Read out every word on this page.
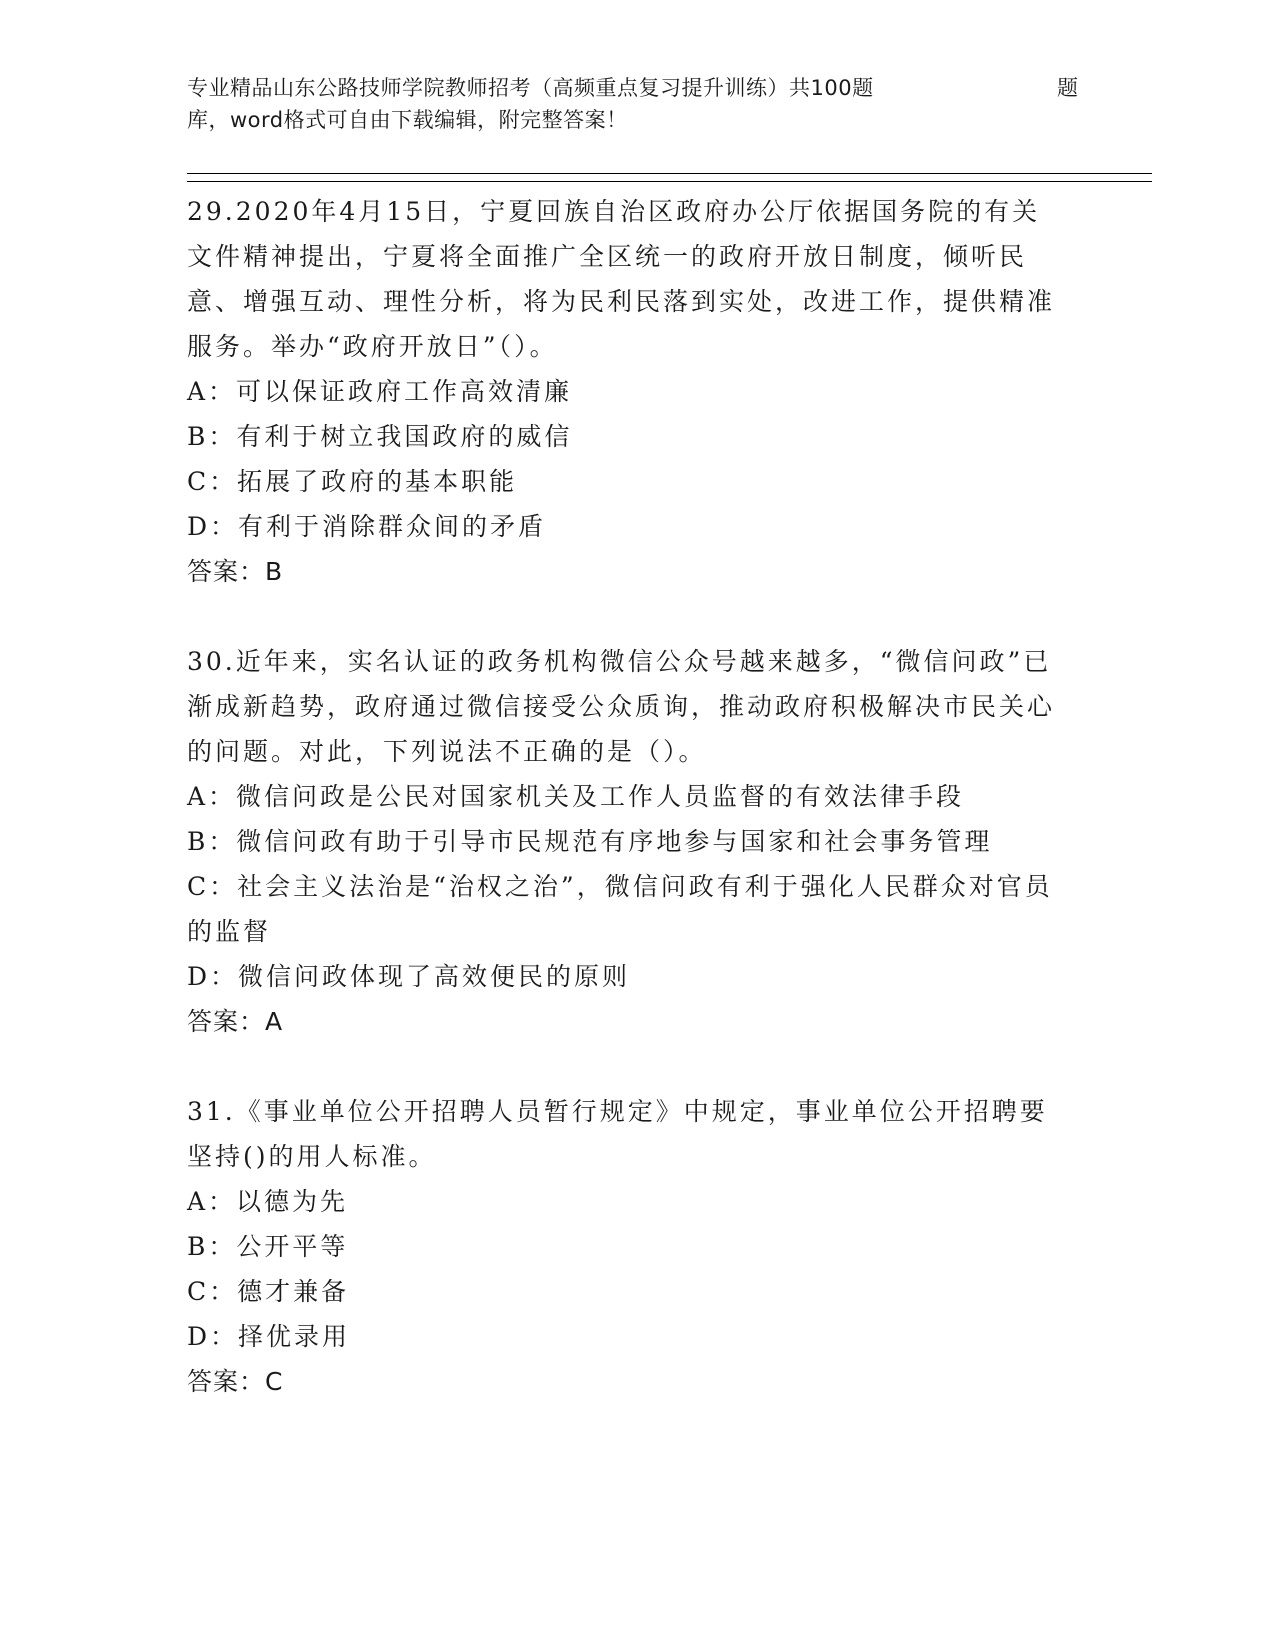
专业精品山东公路技师学院教师招考（高频重点复习提升训练）共100题	题
库，word格式可自由下载编辑，附完整答案！

29.2020年4月15日，宁夏回族自治区政府办公厅依据国务院的有关文件精神提出，宁夏将全面推广全区统一的政府开放日制度，倾听民意、增强互动、理性分析，将为民利民落到实处，改进工作，提供精准服务。举办“政府开放日”（）。

A：可以保证政府工作高效清廉

B：有利于树立我国政府的威信

C：拓展了政府的基本职能

D：有利于消除群众间的矛盾

答案：B

30.近年来，实名认证的政务机构微信公众号越来越多，“微信问政”已渐成新趋势，政府通过微信接受公众质询，推动政府积极解决市民关心的问题。对此，下列说法不正确的是（）。

A：微信问政是公民对国家机关及工作人员监督的有效法律手段

B：微信问政有助于引导市民规范有序地参与国家和社会事务管理

C：社会主义法治是“治权之治”，微信问政有利于强化人民群众对官员的监督

D：微信问政体现了高效便民的原则

答案：A

31.《事业单位公开招聘人员暂行规定》中规定，事业单位公开招聘要坚持()的用人标准。

A：以德为先

B：公开平等

C：德才兼备

D：择优录用

答案：C
